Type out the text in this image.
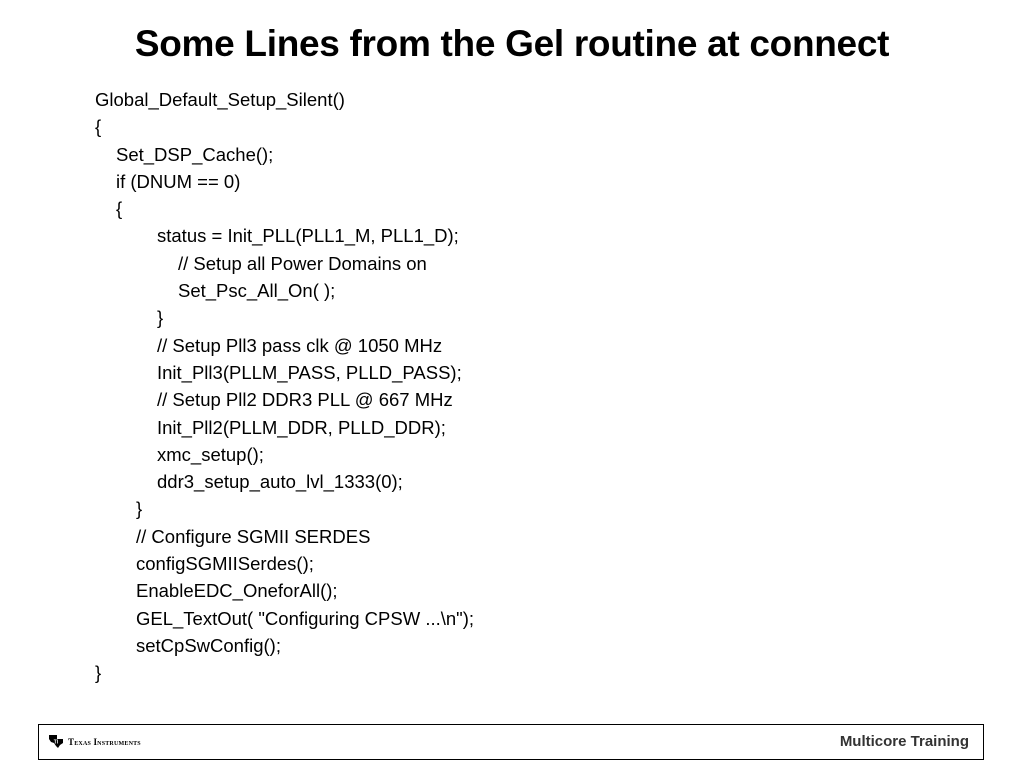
Some Lines from the Gel routine at connect
Global_Default_Setup_Silent()
{
Set_DSP_Cache();
if (DNUM == 0)
{
status = Init_PLL(PLL1_M, PLL1_D);
// Setup all Power Domains on
Set_Psc_All_On( );
}
// Setup Pll3 pass clk @ 1050 MHz
Init_Pll3(PLLM_PASS, PLLD_PASS);
// Setup Pll2 DDR3 PLL @ 667 MHz
Init_Pll2(PLLM_DDR, PLLD_DDR);
xmc_setup();
ddr3_setup_auto_lvl_1333(0);
}
// Configure SGMII SERDES
configSGMIISerdes();
EnableEDC_OneforAll();
GEL_TextOut( "Configuring CPSW ...\n");
setCpSwConfig();
}
TI Texas Instruments	Multicore Training
